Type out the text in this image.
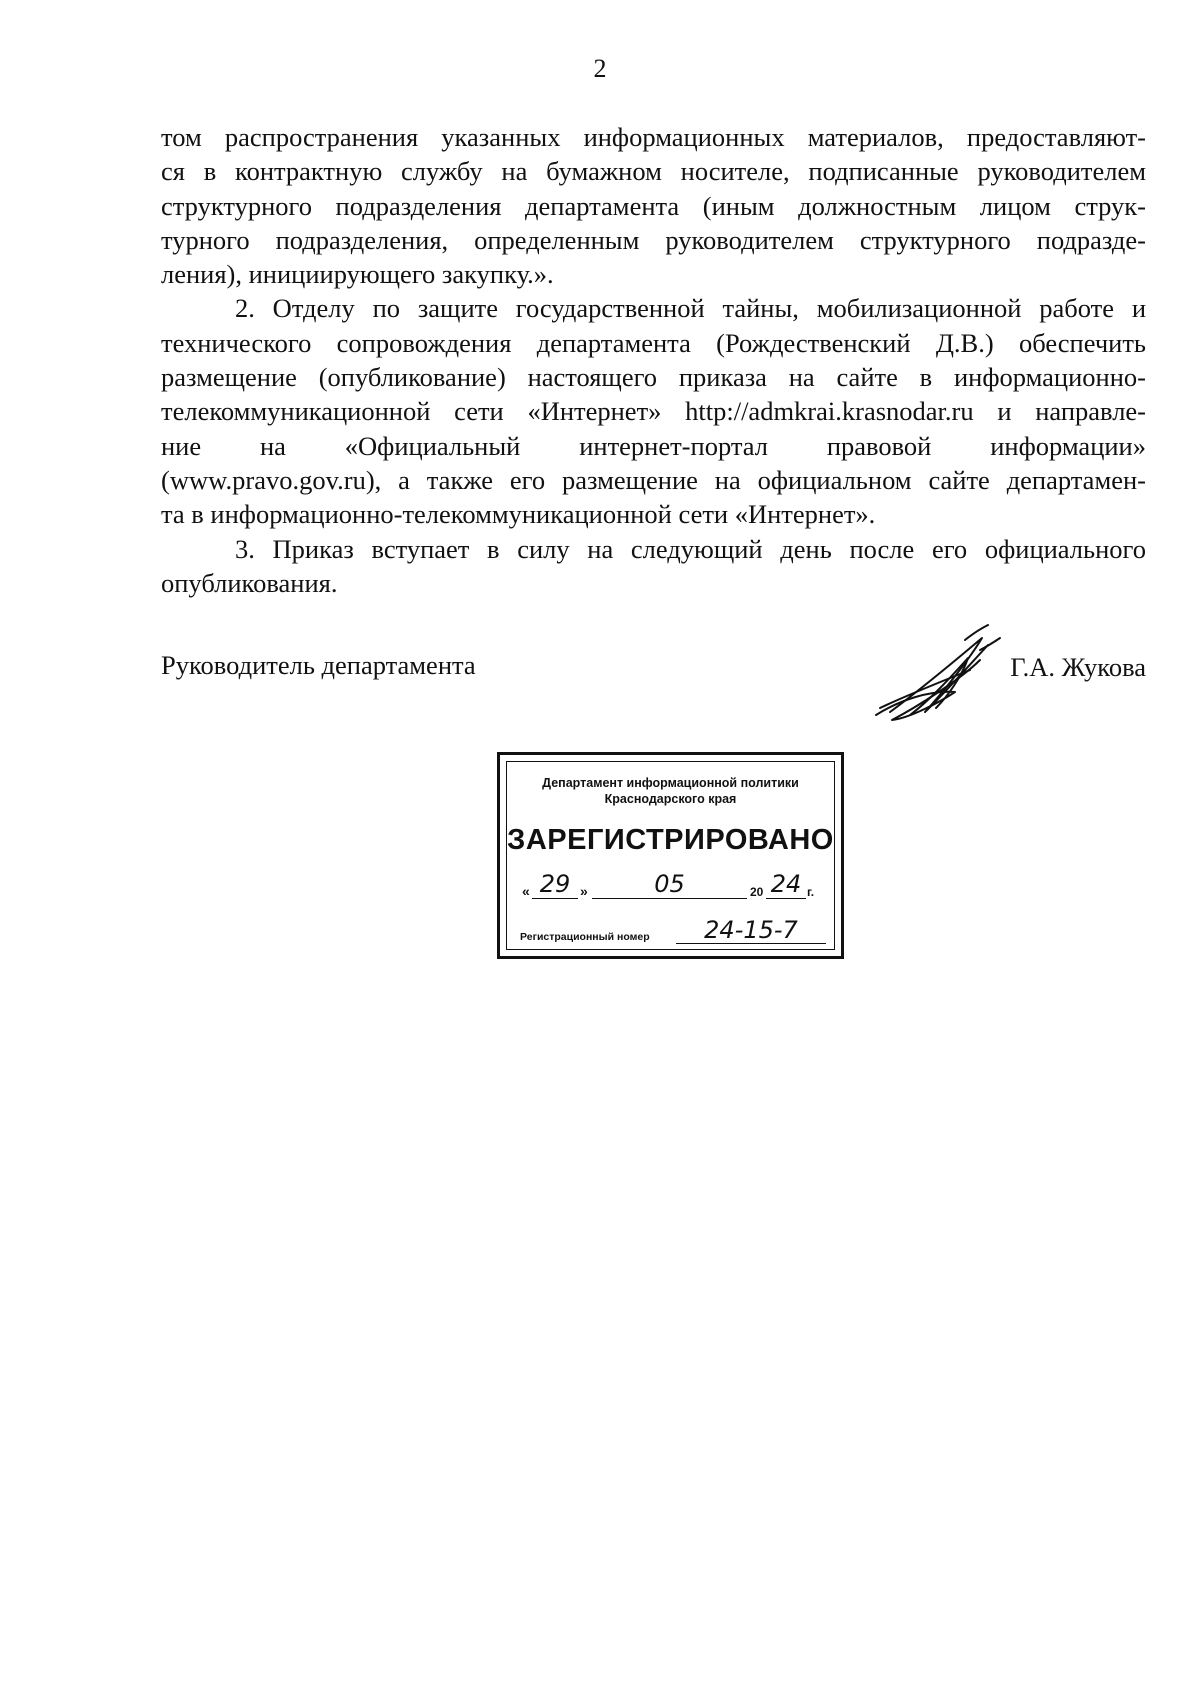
2
том распространения указанных информационных материалов, предоставляют-
ся в контрактную службу на бумажном носителе, подписанные руководителем
структурного подразделения департамента (иным должностным лицом струк-
турного подразделения, определенным руководителем структурного подразде-
ления), инициирующего закупку.».
2. Отделу по защите государственной тайны, мобилизационной работе и
технического сопровождения департамента (Рождественский Д.В.) обеспечить
размещение (опубликование) настоящего приказа на сайте в информационно-
телекоммуникационной сети «Интернет» http://admkrai.krasnodar.ru и направле-
ние на «Официальный интернет-портал правовой информации»
(www.pravo.gov.ru), а также его размещение на официальном сайте департамен-
та в информационно-телекоммуникационной сети «Интернет».
3. Приказ вступает в силу на следующий день после его официального
опубликования.
Руководитель департамента	Г.А. Жукова
Департамент информационной политики
Краснодарского края
ЗАРЕГИСТРИРОВАНО
« 29 »	05	20 24 г.
Регистрационный номер	24-15-7
